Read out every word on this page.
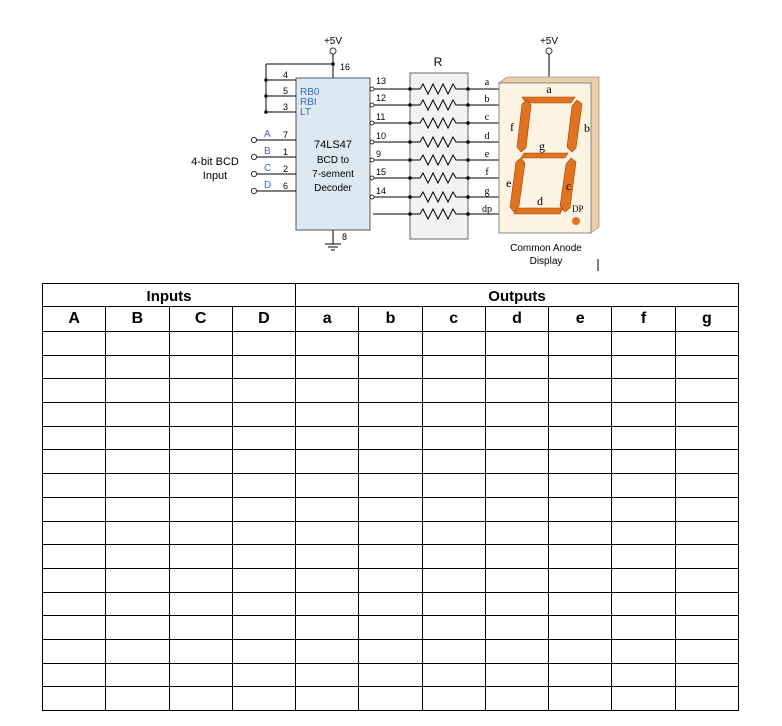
+5V
16
+5V
74LS47
BCD to
7-sement
Decoder
RB0
RBI
LT
8
4
5
3
7
1
2
6
A
B
C
D
4-bit BCD
Input
13
12
11
10
9
15
14
R
a
b
c
d
e
f
g
dp
a
b
c
d
e
f
g
DP
Common Anode
Display
Inputs				Outputs						
A	B	C	D	a	b	c	d	e	f	g
